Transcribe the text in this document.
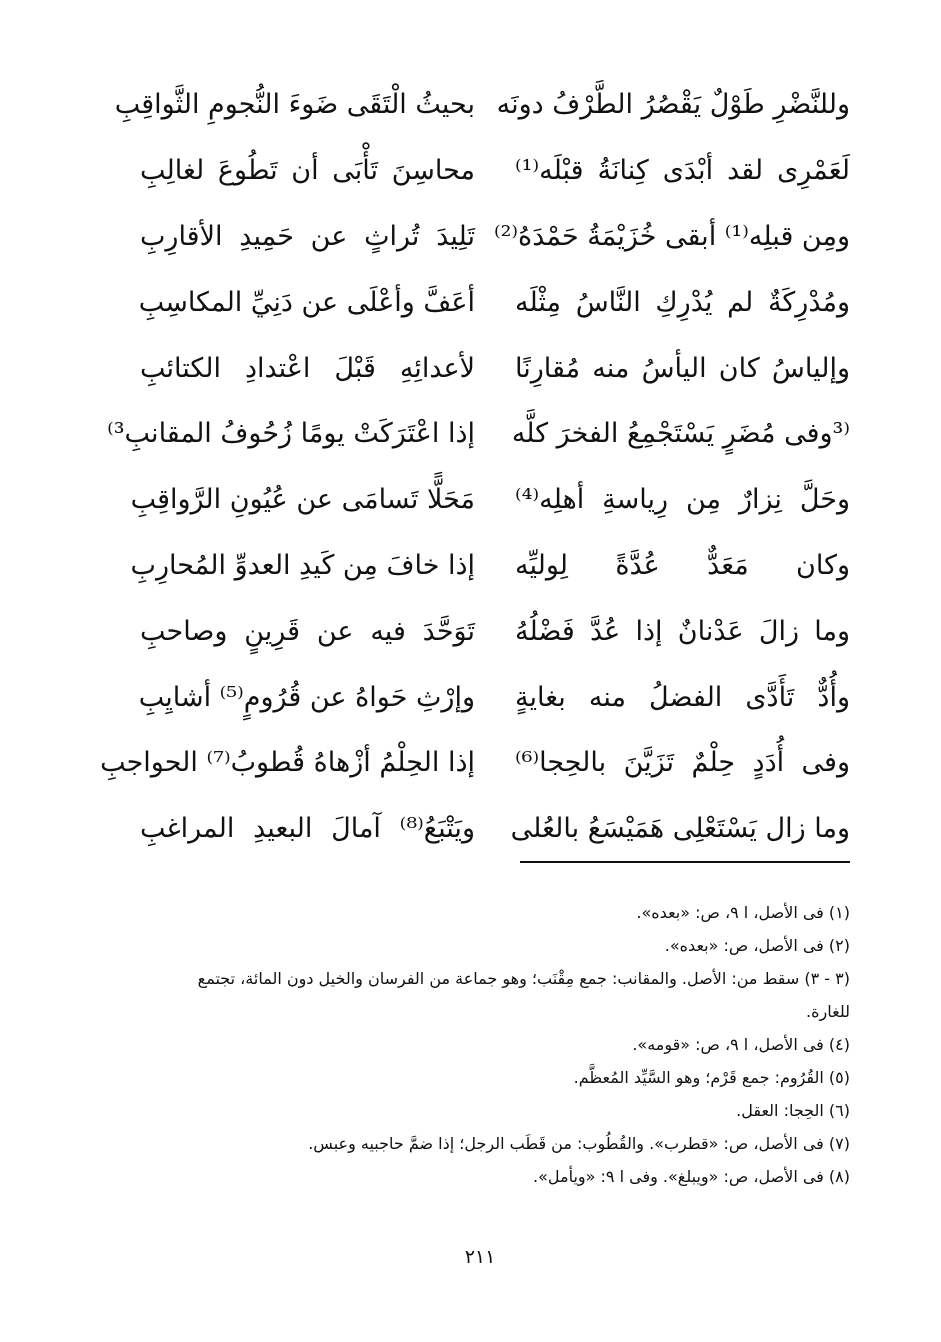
وللنَّضْرِ طَوْلٌ يَقْصُرُ الطَّرْفُ دونَه
بحيثُ الْتَقَى ضَوءَ النُّجومِ الثَّواقِبِ
لَعَمْرِى لقد أبْدَى كِنانَةُ قبْلَه⁽¹⁾
محاسِنَ تَأْبَى أن تَطُوعَ لغالِبِ
ومِن قبلِه⁽¹⁾ أبقى خُزَيْمَةُ حَمْدَهُ⁽²⁾
تَلِيدَ تُراثٍ عن حَمِيدِ الأقارِبِ
ومُدْرِكَةٌ لم يُدْرِكِ النَّاسُ مِثْلَه
أعَفَّ وأعْلَى عن دَنِيِّ المكاسِبِ
وإلياسُ كان اليأسُ منه مُقارِنًا
لأعدائِهِ قَبْلَ اعْتدادِ الكتائبِ
⁽³وفى مُضَرٍ يَسْتَجْمِعُ الفخرَ كلَّه
إذا اعْتَرَكَتْ يومًا زُحُوفُ المقانبِ³⁾
وحَلَّ نِزارٌ مِن رِياسةِ أهلِه⁽⁴⁾
مَحَلًّا تَسامَى عن عُيُونِ الرَّواقِبِ
وكان مَعَدٌّ عُدَّةً لِوليِّه
إذا خافَ مِن كَيدِ العدوِّ المُحارِبِ
وما زالَ عَدْنانٌ إذا عُدَّ فَضْلُهُ
تَوَحَّدَ فيه عن قَرِينٍ وصاحبِ
وأُدٌّ تَأَدَّى الفضلُ منه بغايةٍ
وإرْثِ حَواهُ عن قُرُومٍ⁽⁵⁾ أشايِبِ
وفى أُدَدٍ حِلْمٌ تَزَيَّنَ بالحِجا⁽⁶⁾
إذا الحِلْمُ أزْهاهُ قُطوبُ⁽⁷⁾ الحواجبِ
وما زال يَسْتَعْلِى هَمَيْسَعُ بالعُلى
ويَتْبَعُ⁽⁸⁾ آمالَ البعيدِ المراغبِ

(١) فى الأصل، ا ٩، ص: «بعده».

(٢) فى الأصل، ص: «بعده».

(٣ - ٣) سقط من: الأصل. والمقانب: جمع مِقْنَب؛ وهو جماعة من الفرسان والخيل دون المائة، تجتمع للغارة.

(٤) فى الأصل، ا ٩، ص: «قومه».

(٥) القُرُوم: جمع قَرْم؛ وهو السَّيِّد المُعظَّم.

(٦) الحِجا: العقل.

(٧) فى الأصل، ص: «قطرب». والقُطُوب: من قَطَب الرجل؛ إذا ضمَّ حاجبيه وعبس.

(٨) فى الأصل، ص: «ويبلغ». وفى ا ٩: «ويأمل».

٢١١
